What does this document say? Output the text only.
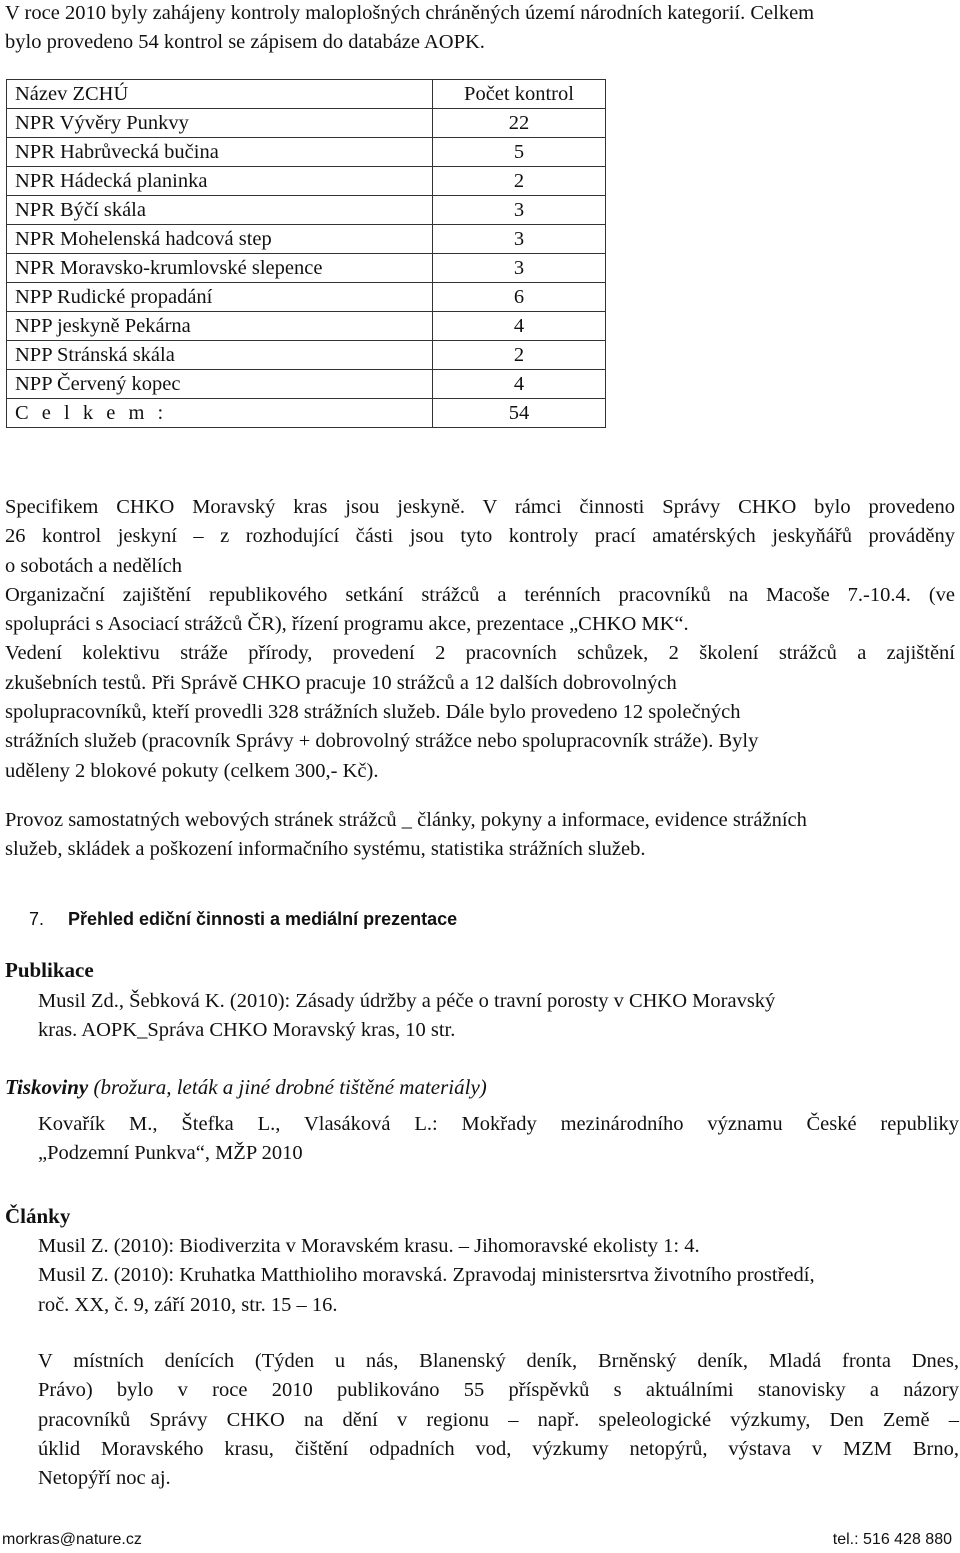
V roce 2010 byly zahájeny kontroly maloplošných chráněných území národních kategorií. Celkem
bylo provedeno 54 kontrol se zápisem do databáze AOPK.
Název ZCHÚ	Počet kontrol
NPR Vývěry Punkvy	22
NPR Habrůvecká bučina	5
NPR Hádecká planinka	2
NPR Býčí skála	3
NPR Mohelenská hadcová step	3
NPR Moravsko-krumlovské slepence	3
NPP Rudické propadání	6
NPP jeskyně Pekárna	4
NPP Stránská skála	2
NPP Červený kopec	4
C e l k e m :	54
Specifikem CHKO Moravský kras jsou jeskyně. V rámci činnosti Správy CHKO bylo provedeno
26 kontrol jeskyní – z rozhodující části jsou tyto kontroly prací amatérských jeskyňářů prováděny
o sobotách a nedělích
Organizační zajištění republikového setkání strážců a terénních pracovníků na Macoše 7.-10.4. (ve
spolupráci s Asociací strážců ČR), řízení programu akce, prezentace „CHKO MK“.
Vedení kolektivu stráže přírody, provedení 2 pracovních schůzek, 2 školení strážců a zajištění
zkušebních testů. Při Správě CHKO pracuje 10 strážců a 12 dalších dobrovolných
spolupracovníků, kteří provedli 328 strážních služeb. Dále bylo provedeno 12 společných
strážních služeb (pracovník Správy + dobrovolný strážce nebo spolupracovník stráže). Byly
uděleny 2 blokové pokuty (celkem 300,- Kč).
Provoz samostatných webových stránek strážců _ články, pokyny a informace, evidence strážních
služeb, skládek a poškození informačního systému, statistika strážních služeb.
7. Přehled ediční činnosti a mediální prezentace
Publikace
Musil Zd., Šebková K. (2010): Zásady údržby a péče o travní porosty v CHKO Moravský
kras. AOPK_Správa CHKO Moravský kras, 10 str.
Tiskoviny (brožura, leták a jiné drobné tištěné materiály)
Kovařík M., Štefka L., Vlasáková L.: Mokřady mezinárodního významu České republiky
„Podzemní Punkva“, MŽP 2010
Články
Musil Z. (2010): Biodiverzita v Moravském krasu. – Jihomoravské ekolisty 1: 4.
Musil Z. (2010): Kruhatka Matthioliho moravská. Zpravodaj ministersrtva životního prostředí,
roč. XX, č. 9, září 2010, str. 15 – 16.
V místních denících (Týden u nás, Blanenský deník, Brněnský deník, Mladá fronta Dnes,
Právo) bylo v roce 2010 publikováno 55 příspěvků s aktuálními stanovisky a názory
pracovníků Správy CHKO na dění v regionu – např. speleologické výzkumy, Den Země –
úklid Moravského krasu, čištění odpadních vod, výzkumy netopýrů, výstava v MZM Brno,
Netopýří noc aj.
morkras@nature.cz	tel.: 516 428 880
